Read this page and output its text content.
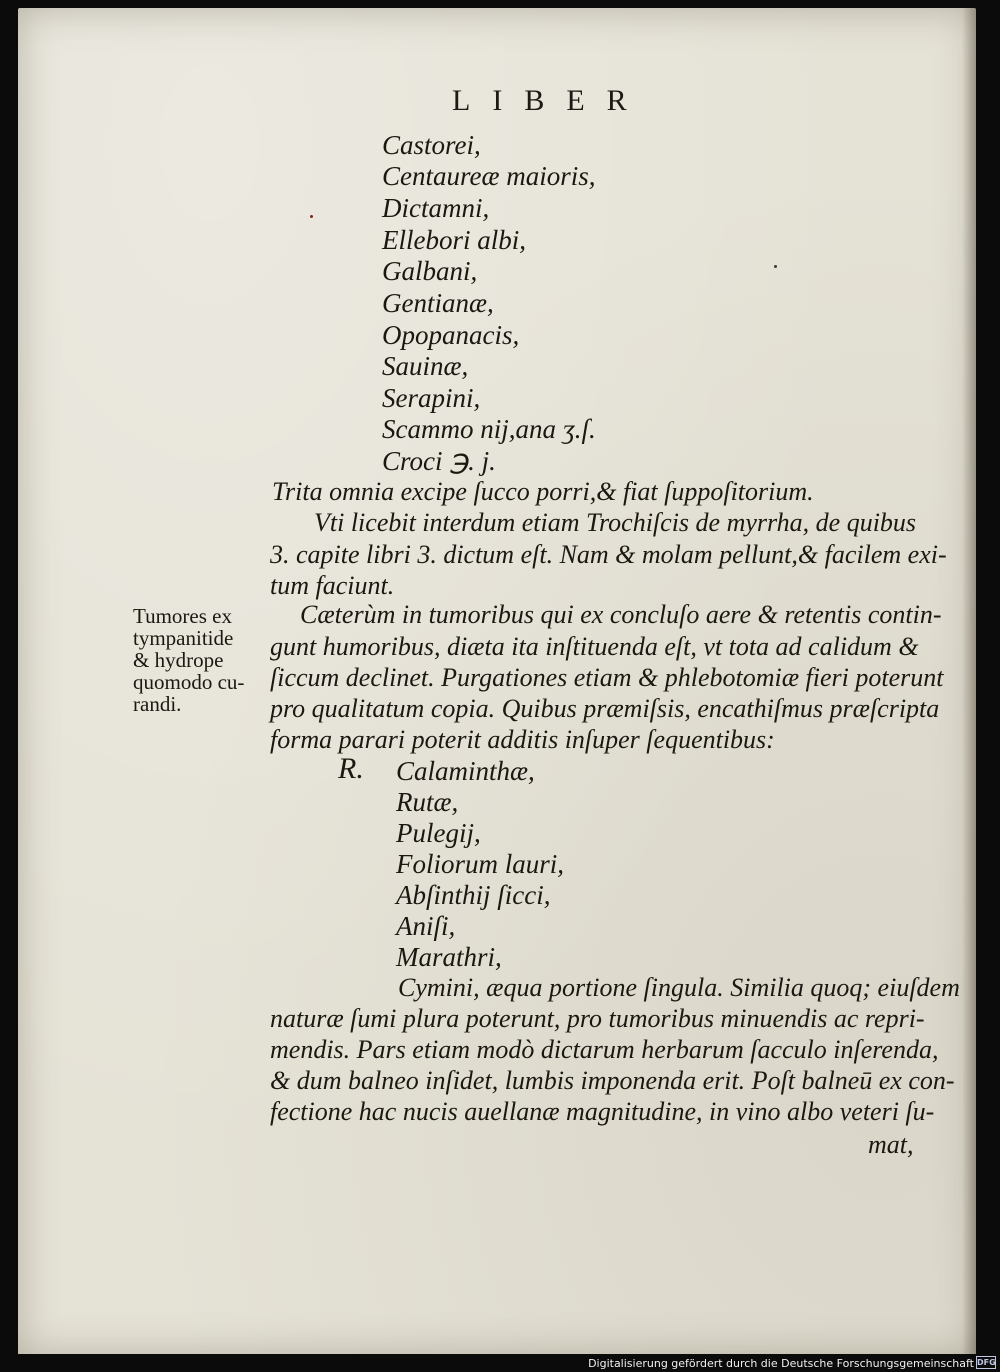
LIBER
Castorei,
Centaureæ maioris,
Dictamni,
Ellebori albi,
Galbani,
Gentianæ,
Opopanacis,
Sauinæ,
Serapini,
Scammo nij,ana ʒ.ſ.
Croci ℈. j.
Trita omnia excipe ſucco porri,& fiat ſuppoſitorium.
Vti licebit interdum etiam Trochiſcis de myrrha, de quibus
3. capite libri 3. dictum eſt. Nam & molam pellunt,& facilem exi-
tum faciunt.
Tumores ex
tympanitide
& hydrope
quomodo cu-
randi.
Cæterùm in tumoribus qui ex concluſo aere & retentis contin-
gunt humoribus, diæta ita inſtituenda eſt, vt tota ad calidum &
ſiccum declinet. Purgationes etiam & phlebotomiæ fieri poterunt
pro qualitatum copia. Quibus præmiſsis, encathiſmus præſcripta
forma parari poterit additis inſuper ſequentibus:
R. Calaminthæ,
Rutæ,
Pulegij,
Foliorum lauri,
Abſinthij ſicci,
Aniſi,
Marathri,
Cymini, æqua portione ſingula. Similia quoq; eiuſdem
naturæ ſumi plura poterunt, pro tumoribus minuendis ac repri-
mendis. Pars etiam modò dictarum herbarum ſacculo inſerenda,
& dum balneo inſidet, lumbis imponenda erit. Poſt balneū ex con-
fectione hac nucis auellanæ magnitudine, in vino albo veteri ſu-
mat,
Digitalisierung gefördert durch die Deutsche Forschungsgemeinschaft DFG
